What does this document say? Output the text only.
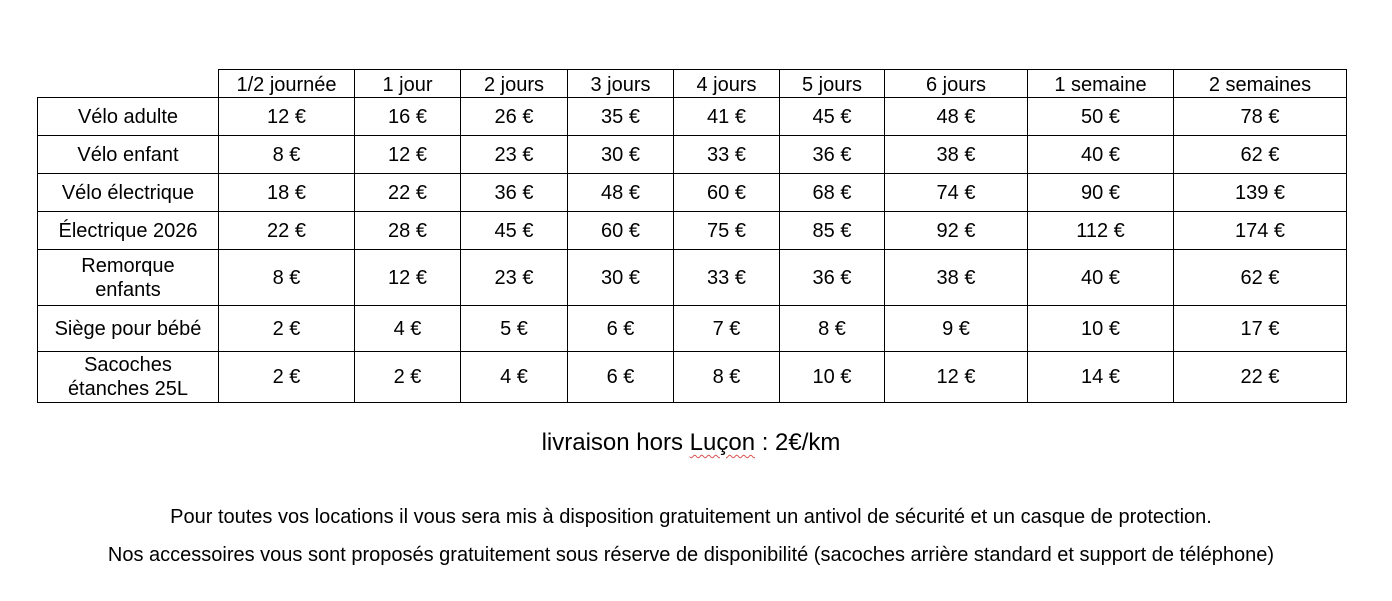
	1/2 journée	1 jour	2 jours	3 jours	4 jours	5 jours	6 jours	1 semaine	2 semaines
Vélo adulte	12 €	16 €	26 €	35 €	41 €	45 €	48 €	50 €	78 €
Vélo enfant	8 €	12 €	23 €	30 €	33 €	36 €	38 €	40 €	62 €
Vélo électrique	18 €	22 €	36 €	48 €	60 €	68 €	74 €	90 €	139 €
Électrique 2026	22 €	28 €	45 €	60 €	75 €	85 €	92 €	112 €	174 €
Remorque
enfants	8 €	12 €	23 €	30 €	33 €	36 €	38 €	40 €	62 €
Siège pour bébé	2 €	4 €	5 €	6 €	7 €	8 €	9 €	10 €	17 €
Sacoches
étanches 25L	2 €	2 €	4 €	6 €	8 €	10 €	12 €	14 €	22 €
livraison hors Luçon : 2€/km
Pour toutes vos locations il vous sera mis à disposition gratuitement un antivol de sécurité et un casque de protection.
Nos accessoires vous sont proposés gratuitement sous réserve de disponibilité (sacoches arrière standard et support de téléphone)
